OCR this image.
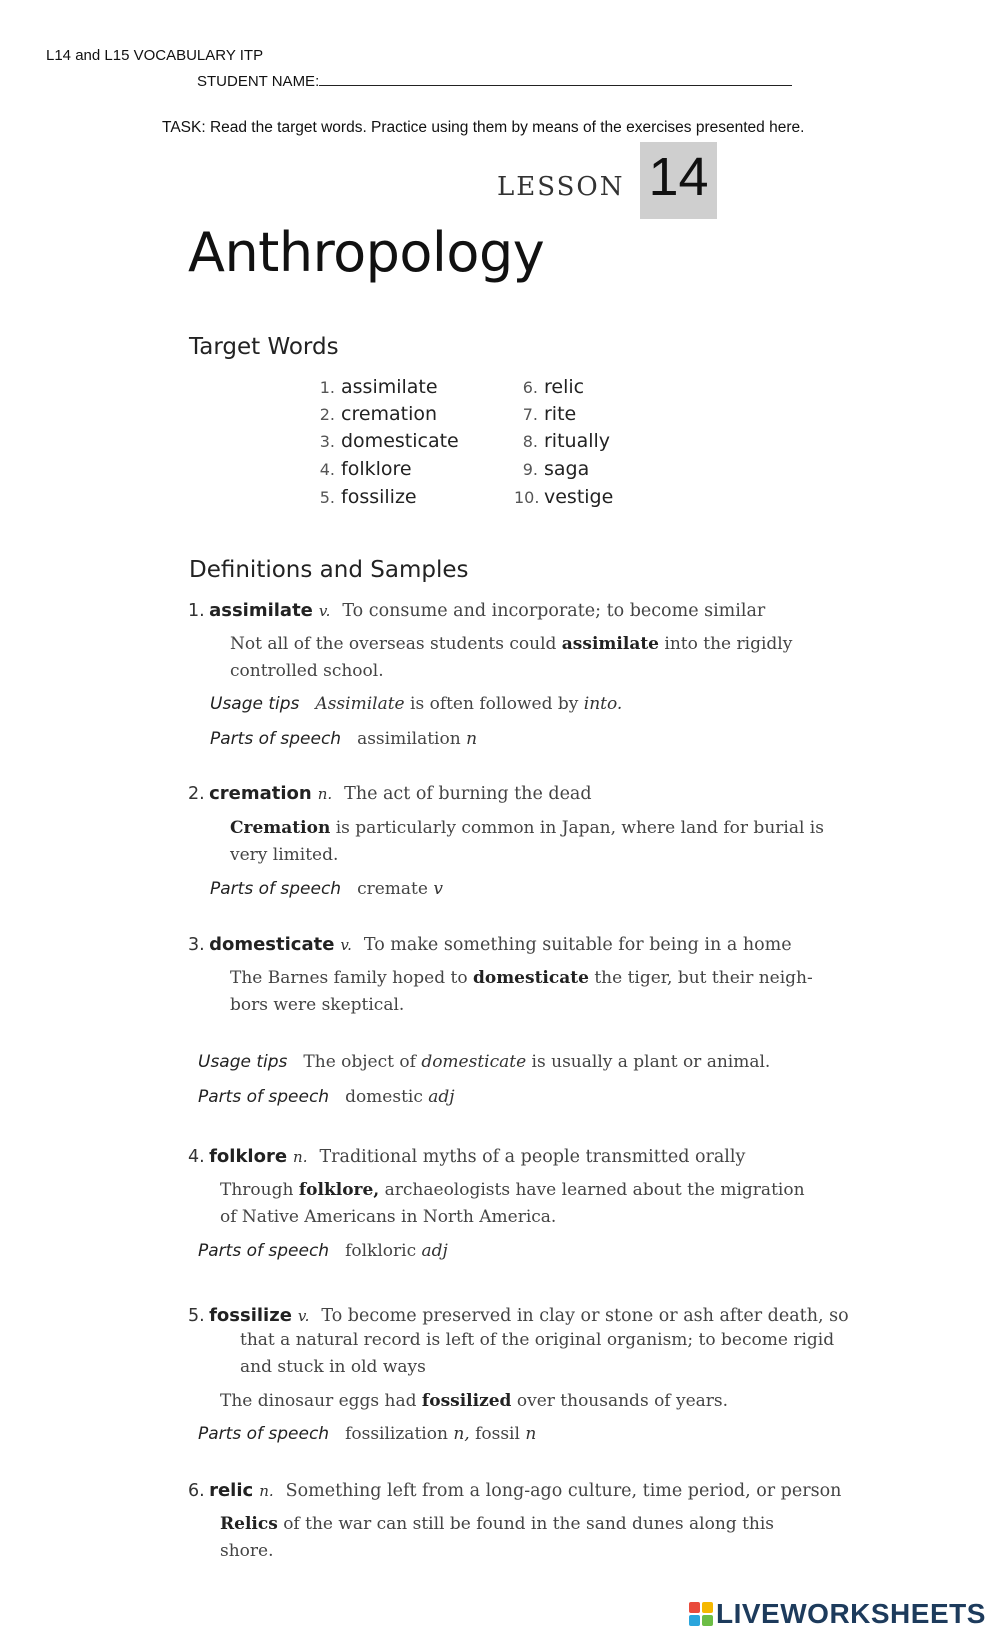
L14 and L15 VOCABULARY ITP
STUDENT NAME:
TASK: Read the target words. Practice using them by means of the exercises presented here.
LESSON 14
Anthropology
Target Words
1. assimilate
2. cremation
3. domesticate
4. folklore
5. fossilize
6. relic
7. rite
8. ritually
9. saga
10. vestige
Definitions and Samples
1. assimilate v. To consume and incorporate; to become similar
Not all of the overseas students could assimilate into the rigidly
controlled school.
Usage tips Assimilate is often followed by into.
Parts of speech assimilation n
2. cremation n. The act of burning the dead
Cremation is particularly common in Japan, where land for burial is
very limited.
Parts of speech cremate v
3. domesticate v. To make something suitable for being in a home
The Barnes family hoped to domesticate the tiger, but their neigh-
bors were skeptical.
Usage tips The object of domesticate is usually a plant or animal.
Parts of speech domestic adj
4. folklore n. Traditional myths of a people transmitted orally
Through folklore, archaeologists have learned about the migration
of Native Americans in North America.
Parts of speech folkloric adj
5. fossilize v. To become preserved in clay or stone or ash after death, so
that a natural record is left of the original organism; to become rigid
and stuck in old ways
The dinosaur eggs had fossilized over thousands of years.
Parts of speech fossilization n, fossil n
6. relic n. Something left from a long-ago culture, time period, or person
Relics of the war can still be found in the sand dunes along this
shore.
LIVEWORKSHEETS
